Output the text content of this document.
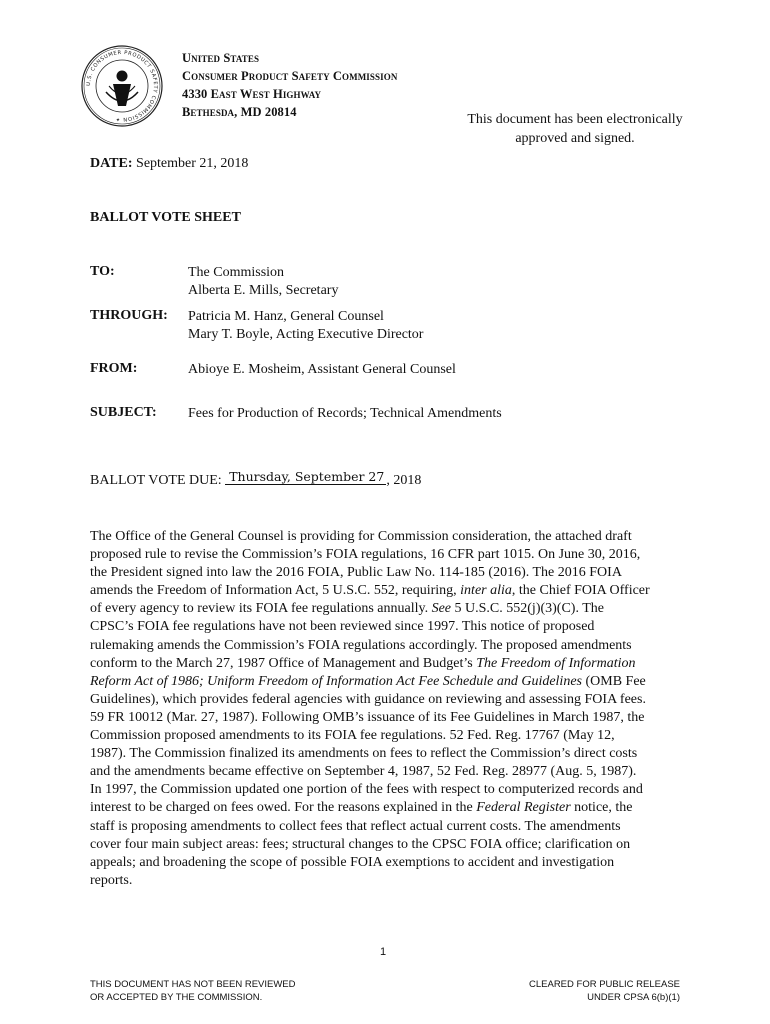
U.S. CONSUMER PRODUCT SAFETY COMMISSION ✦
United States
Consumer Product Safety Commission
4330 East West Highway
Bethesda, MD 20814	This document has been electronically
approved and signed.
DATE: September 21, 2018
BALLOT VOTE SHEET
TO:	The Commission
Alberta E. Mills, Secretary
THROUGH: Patricia M. Hanz, General Counsel
Mary T. Boyle, Acting Executive Director
FROM:	Abioye E. Mosheim, Assistant General Counsel
SUBJECT: Fees for Production of Records; Technical Amendments
BALLOT VOTE DUE: Thursday, September 27 , 2018

The Office of the General Counsel is providing for Commission consideration, the attached draft proposed rule to revise the Commission’s FOIA regulations, 16 CFR part 1015. On June 30, 2016, the President signed into law the 2016 FOIA, Public Law No. 114-185 (2016). The 2016 FOIA amends the Freedom of Information Act, 5 U.S.C. 552, requiring, inter alia, the Chief FOIA Officer of every agency to review its FOIA fee regulations annually. See 5 U.S.C. 552(j)(3)(C). The CPSC’s FOIA fee regulations have not been reviewed since 1997. This notice of proposed rulemaking amends the Commission’s FOIA regulations accordingly. The proposed amendments conform to the March 27, 1987 Office of Management and Budget’s The Freedom of Information Reform Act of 1986; Uniform Freedom of Information Act Fee Schedule and Guidelines (OMB Fee Guidelines), which provides federal agencies with guidance on reviewing and assessing FOIA fees. 59 FR 10012 (Mar. 27, 1987). Following OMB’s issuance of its Fee Guidelines in March 1987, the Commission proposed amendments to its FOIA fee regulations. 52 Fed. Reg. 17767 (May 12, 1987). The Commission finalized its amendments on fees to reflect the Commission’s direct costs and the amendments became effective on September 4, 1987, 52 Fed. Reg. 28977 (Aug. 5, 1987). In 1997, the Commission updated one portion of the fees with respect to computerized records and interest to be charged on fees owed. For the reasons explained in the Federal Register notice, the staff is proposing amendments to collect fees that reflect actual current costs. The amendments cover four main subject areas: fees; structural changes to the CPSC FOIA office; clarification on appeals; and broadening the scope of possible FOIA exemptions to accident and investigation reports.

1
THIS DOCUMENT HAS NOT BEEN REVIEWED
OR ACCEPTED BY THE COMMISSION.
CLEARED FOR PUBLIC RELEASE
UNDER CPSA 6(b)(1)
